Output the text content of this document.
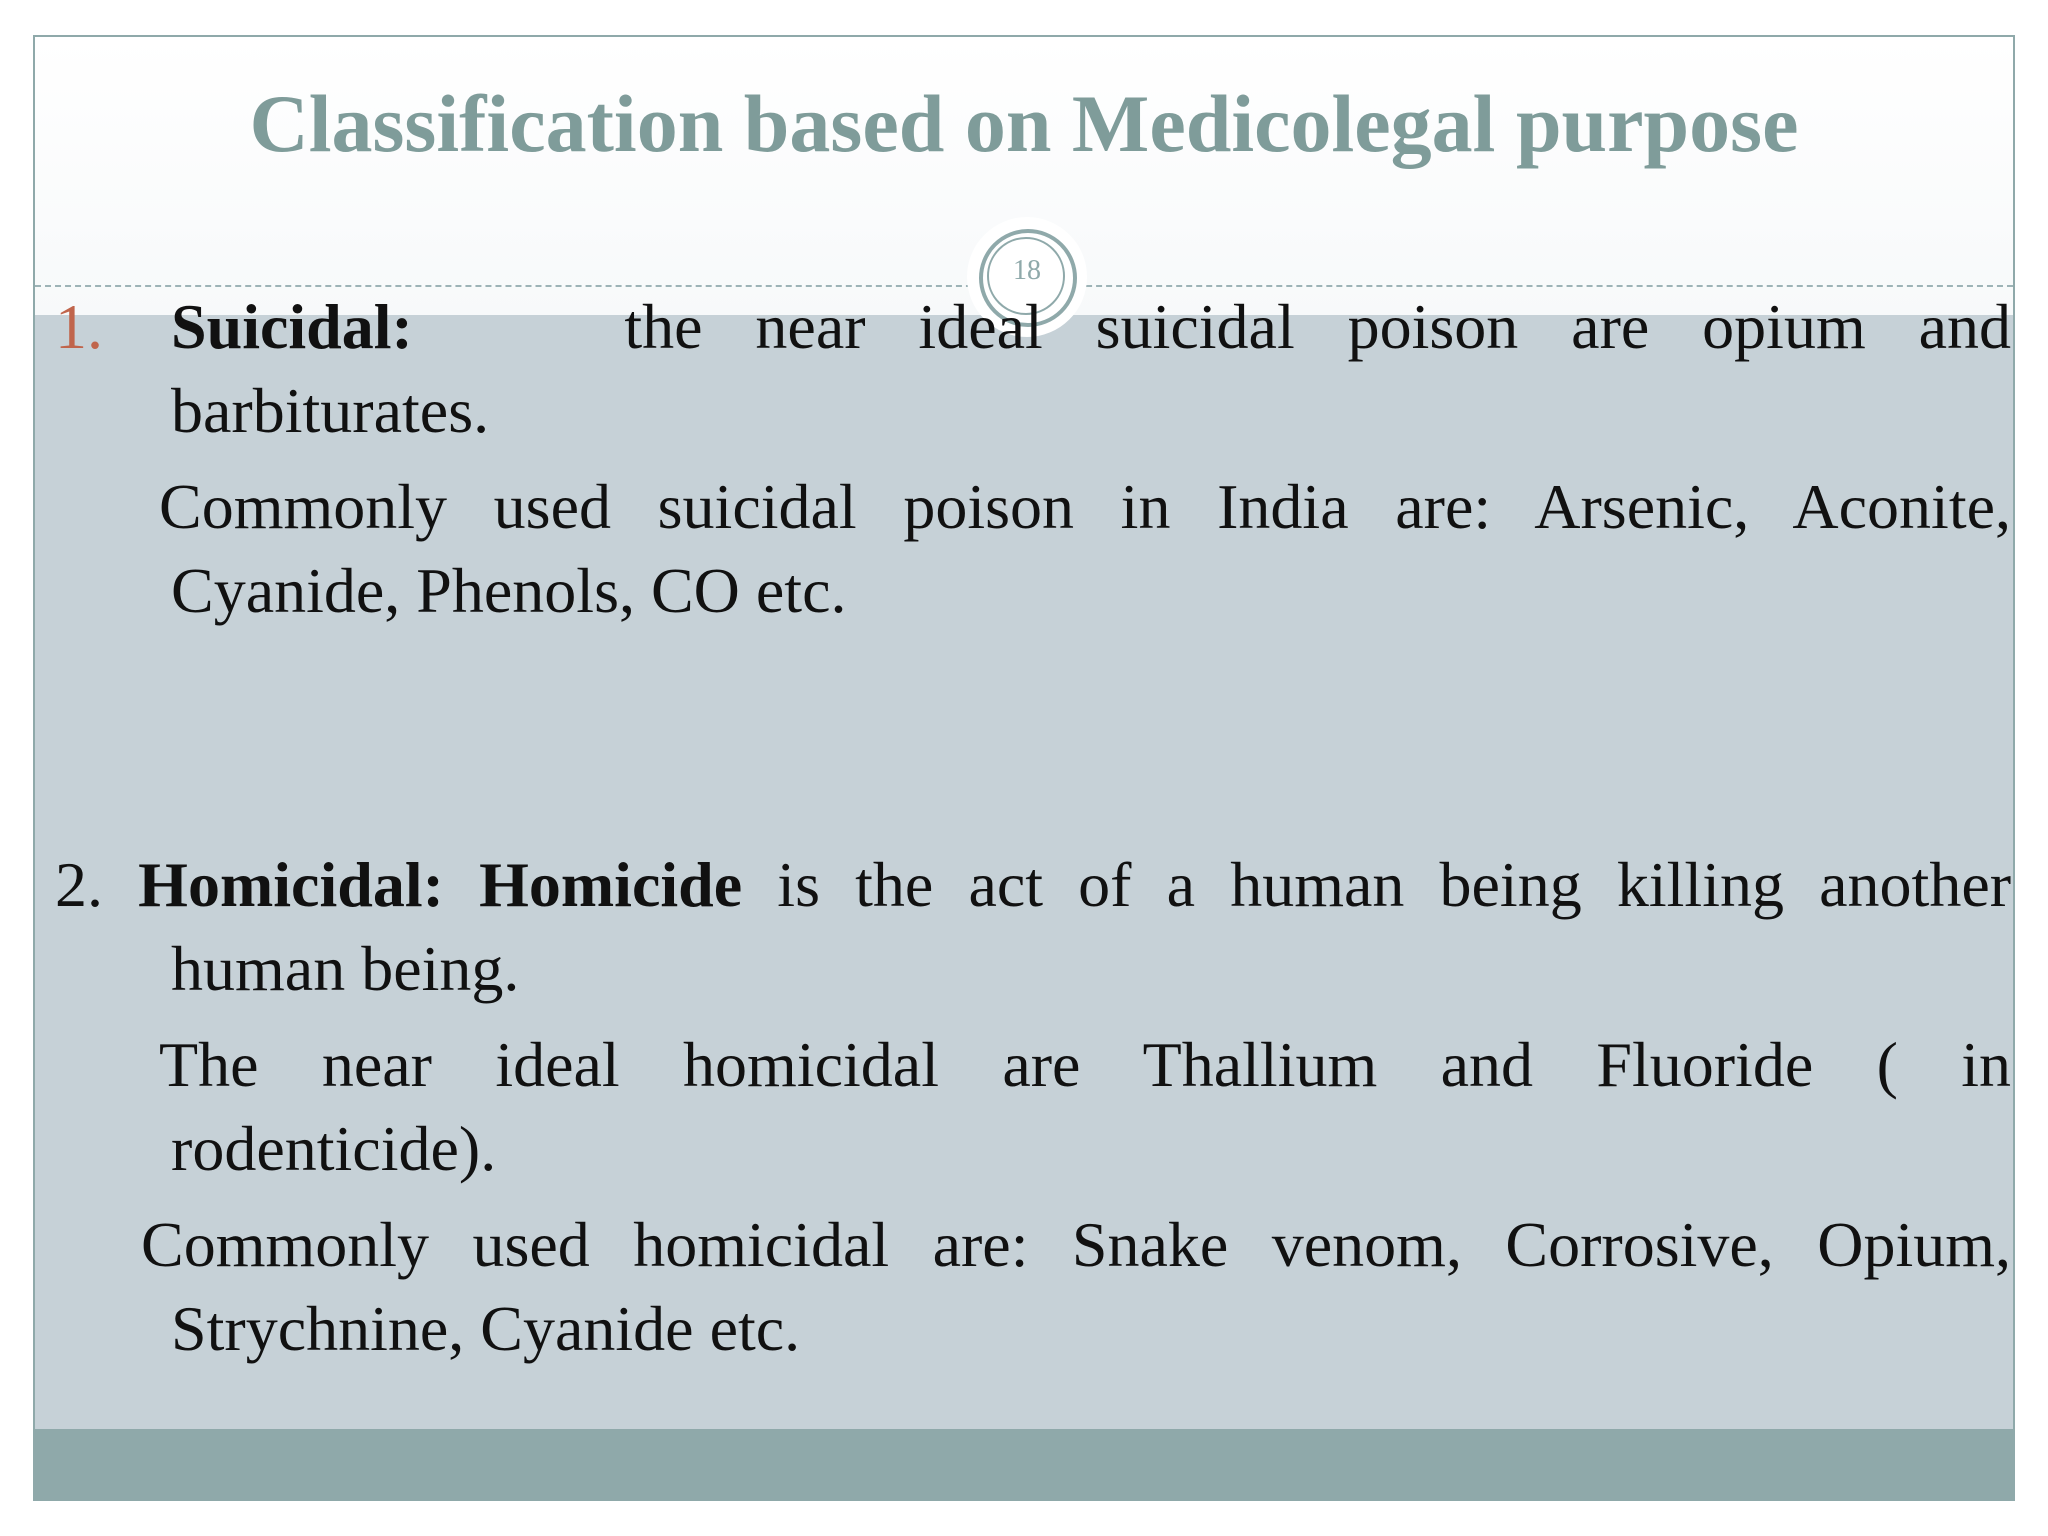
Classification based on Medicolegal purpose
18
1. Suicidal:	the near ideal suicidal poison are opium and
barbiturates.
Commonly used suicidal poison in India are: Arsenic, Aconite,
Cyanide, Phenols, CO etc.
2. Homicidal: Homicide is the act of a human being killing another
human being.
The near ideal homicidal are Thallium and Fluoride ( in
rodenticide).
Commonly used homicidal are: Snake venom, Corrosive, Opium,
Strychnine, Cyanide etc.
